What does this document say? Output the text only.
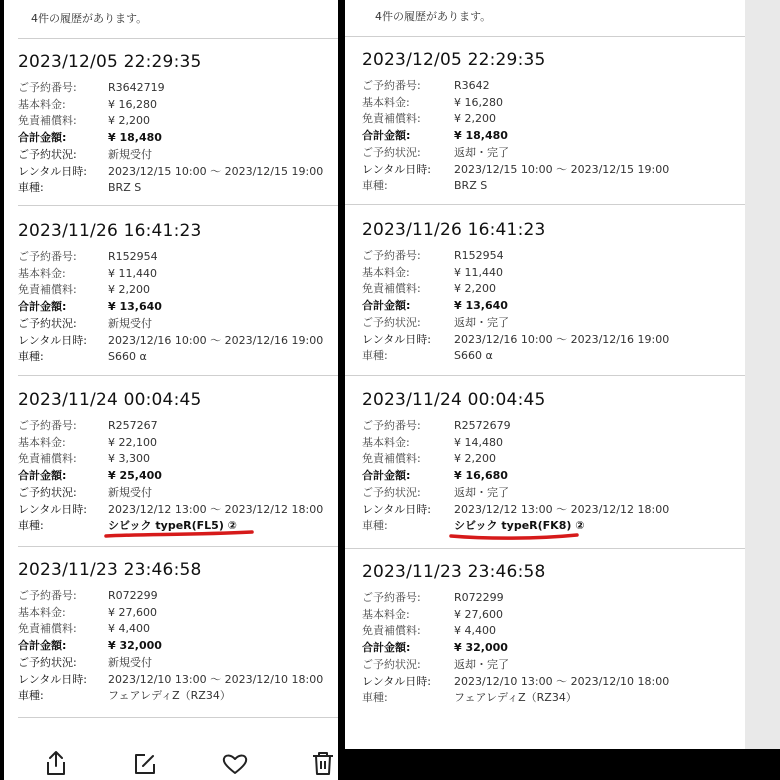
4件の履歴があります。
2023/12/05 22:29:35
ご予約番号:	R3642719
基本料金:	¥ 16,280
免責補償料:	¥ 2,200
合計金額:	¥ 18,480
ご予約状況:	新規受付
レンタル日時:	2023/12/15 10:00 〜 2023/12/15 19:00
車種:	BRZ S
2023/11/26 16:41:23
ご予約番号:	R152954
基本料金:	¥ 11,440
免責補償料:	¥ 2,200
合計金額:	¥ 13,640
ご予約状況:	新規受付
レンタル日時:	2023/12/16 10:00 〜 2023/12/16 19:00
車種:	S660 α
2023/11/24 00:04:45
ご予約番号:	R257267
基本料金:	¥ 22,100
免責補償料:	¥ 3,300
合計金額:	¥ 25,400
ご予約状況:	新規受付
レンタル日時:	2023/12/12 13:00 〜 2023/12/12 18:00
車種:	シビック typeR(FL5) ②
2023/11/23 23:46:58
ご予約番号:	R072299
基本料金:	¥ 27,600
免責補償料:	¥ 4,400
合計金額:	¥ 32,000
ご予約状況:	新規受付
レンタル日時:	2023/12/10 13:00 〜 2023/12/10 18:00
車種:	フェアレディZ（RZ34）
4件の履歴があります。
2023/12/05 22:29:35
ご予約番号:	R3642
基本料金:	¥ 16,280
免責補償料:	¥ 2,200
合計金額:	¥ 18,480
ご予約状況:	返却・完了
レンタル日時:	2023/12/15 10:00 〜 2023/12/15 19:00
車種:	BRZ S
2023/11/26 16:41:23
ご予約番号:	R152954
基本料金:	¥ 11,440
免責補償料:	¥ 2,200
合計金額:	¥ 13,640
ご予約状況:	返却・完了
レンタル日時:	2023/12/16 10:00 〜 2023/12/16 19:00
車種:	S660 α
2023/11/24 00:04:45
ご予約番号:	R2572679
基本料金:	¥ 14,480
免責補償料:	¥ 2,200
合計金額:	¥ 16,680
ご予約状況:	返却・完了
レンタル日時:	2023/12/12 13:00 〜 2023/12/12 18:00
車種:	シビック typeR(FK8) ②
2023/11/23 23:46:58
ご予約番号:	R072299
基本料金:	¥ 27,600
免責補償料:	¥ 4,400
合計金額:	¥ 32,000
ご予約状況:	返却・完了
レンタル日時:	2023/12/10 13:00 〜 2023/12/10 18:00
車種:	フェアレディZ（RZ34）
